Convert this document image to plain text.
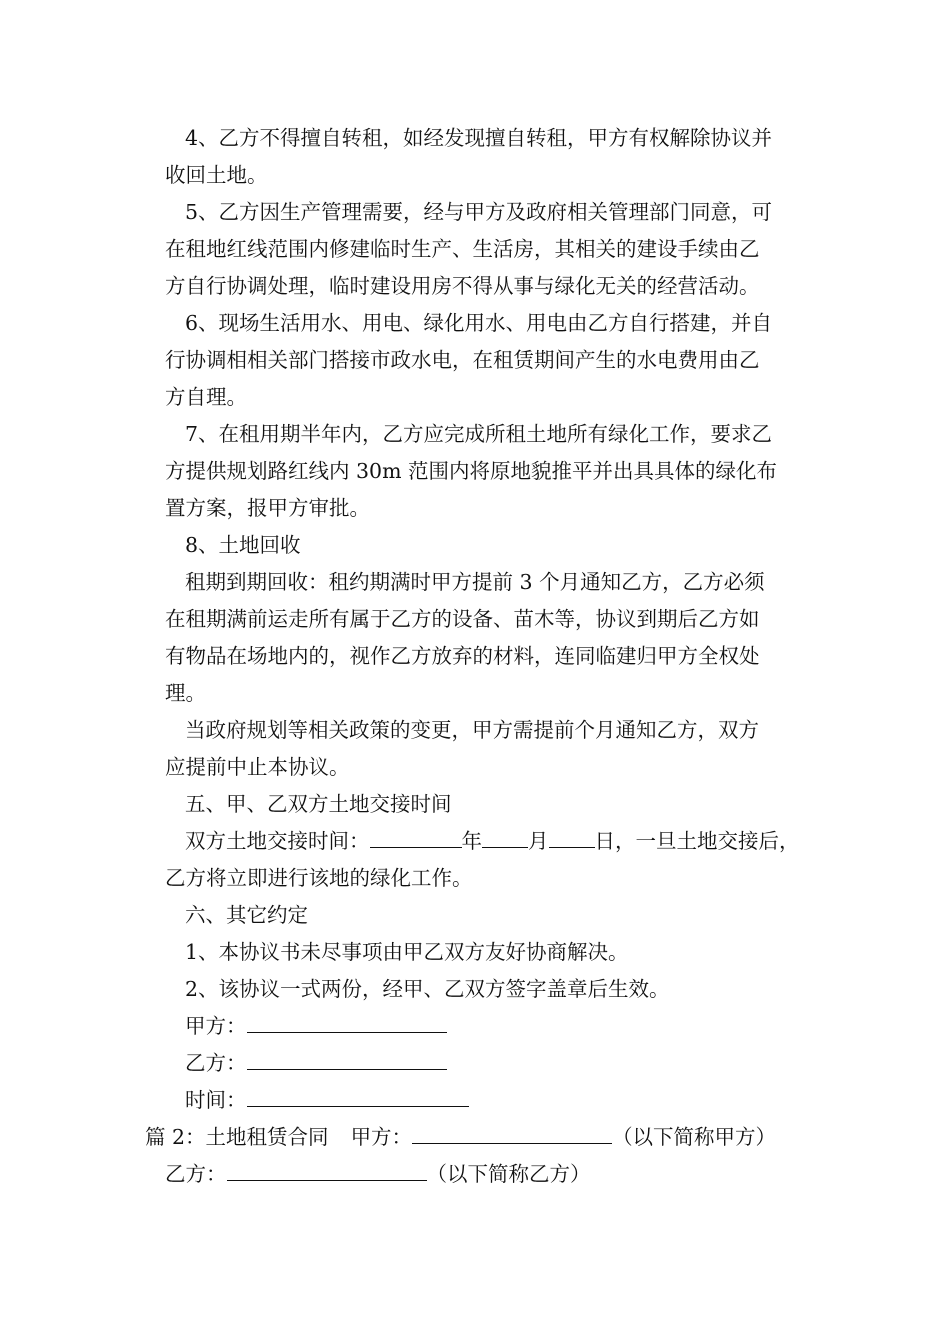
4、乙方不得擅自转租，如经发现擅自转租，甲方有权解除协议并
收回土地。
5、乙方因生产管理需要，经与甲方及政府相关管理部门同意，可
在租地红线范围内修建临时生产、生活房，其相关的建设手续由乙
方自行协调处理，临时建设用房不得从事与绿化无关的经营活动。
6、现场生活用水、用电、绿化用水、用电由乙方自行搭建，并自
行协调相相关部门搭接市政水电，在租赁期间产生的水电费用由乙
方自理。
7、在租用期半年内，乙方应完成所租土地所有绿化工作，要求乙
方提供规划路红线内 30m 范围内将原地貌推平并出具具体的绿化布
置方案，报甲方审批。
8、土地回收
租期到期回收：租约期满时甲方提前 3 个月通知乙方，乙方必须
在租期满前运走所有属于乙方的设备、苗木等，协议到期后乙方如
有物品在场地内的，视作乙方放弃的材料，连同临建归甲方全权处
理。
当政府规划等相关政策的变更，甲方需提前个月通知乙方，双方
应提前中止本协议。
五、甲、乙双方土地交接时间
双方土地交接时间：	年 月 日，一旦土地交接后，
乙方将立即进行该地的绿化工作。
六、其它约定
1、本协议书未尽事项由甲乙双方友好协商解决。
2、该协议一式两份，经甲、乙双方签字盖章后生效。
甲方：
乙方：
时间：
篇 2：土地租赁合同 甲方：	（以下简称甲方）
乙方：	（以下简称乙方）
